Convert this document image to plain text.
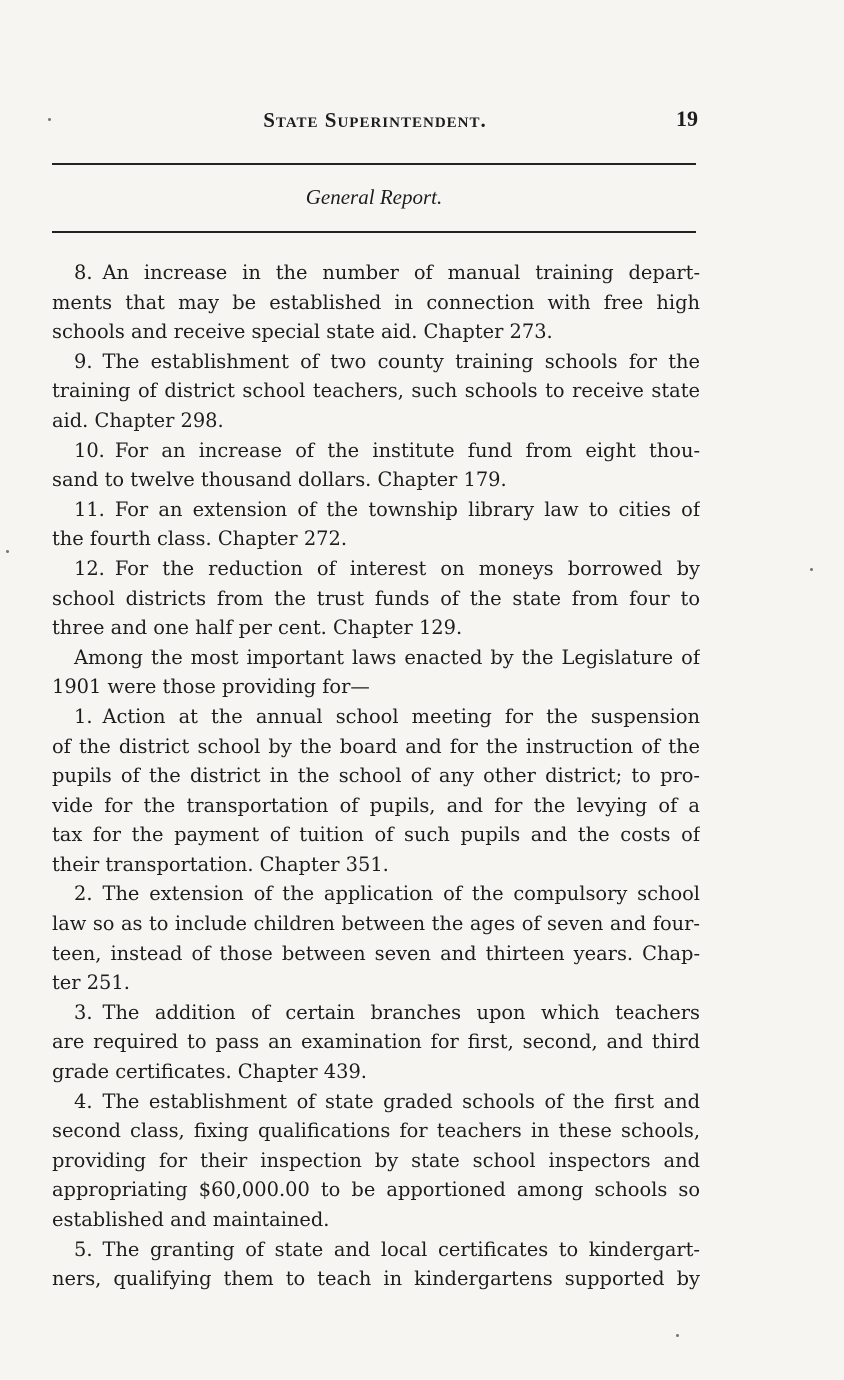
State Superintendent.	19
General Report.
8. An increase in the number of manual training depart-
ments that may be established in connection with free high
schools and receive special state aid. Chapter 273.
9. The establishment of two county training schools for the
training of district school teachers, such schools to receive state
aid. Chapter 298.
10. For an increase of the institute fund from eight thou-
sand to twelve thousand dollars. Chapter 179.
11. For an extension of the township library law to cities of
the fourth class. Chapter 272.
12. For the reduction of interest on moneys borrowed by
school districts from the trust funds of the state from four to
three and one half per cent. Chapter 129.
Among the most important laws enacted by the Legislature of
1901 were those providing for—
1. Action at the annual school meeting for the suspension
of the district school by the board and for the instruction of the
pupils of the district in the school of any other district; to pro-
vide for the transportation of pupils, and for the levying of a
tax for the payment of tuition of such pupils and the costs of
their transportation. Chapter 351.
2. The extension of the application of the compulsory school
law so as to include children between the ages of seven and four-
teen, instead of those between seven and thirteen years. Chap-
ter 251.
3. The addition of certain branches upon which teachers
are required to pass an examination for first, second, and third
grade certificates. Chapter 439.
4. The establishment of state graded schools of the first and
second class, fixing qualifications for teachers in these schools,
providing for their inspection by state school inspectors and
appropriating $60,000.00 to be apportioned among schools so
established and maintained.
5. The granting of state and local certificates to kindergart-
ners, qualifying them to teach in kindergartens supported by
